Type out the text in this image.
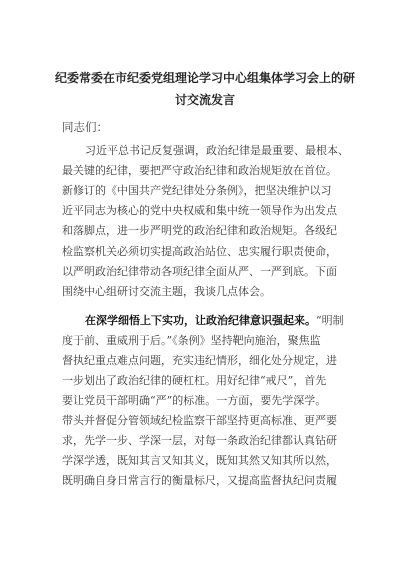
纪委常委在市纪委党组理论学习中心组集体学习会上的研
讨交流发言
同志们：
习近平总书记反复强调，政治纪律是最重要、最根本、
最关键的纪律，要把严守政治纪律和政治规矩放在首位。
新修订的《中国共产党纪律处分条例》，把坚决维护以习
近平同志为核心的党中央权威和集中统一领导作为出发点
和落脚点，进一步严明党的政治纪律和政治规矩。各级纪
检监察机关必须切实提高政治站位、忠实履行职责使命，
以严明政治纪律带动各项纪律全面从严、一严到底。下面
围绕中心组研讨交流主题，我谈几点体会。
在深学细悟上下实功，让政治纪律意识强起来。“明制
度于前、重威刑于后。”《条例》坚持靶向施治，聚焦监
督执纪重点难点问题，充实违纪情形，细化处分规定，进
一步划出了政治纪律的硬杠杠。用好纪律“戒尺”，首先
要让党员干部明确“严”的标准。一方面，要先学深学。
带头并督促分管领域纪检监察干部坚持更高标准、更严要
求，先学一步、学深一层，对每一条政治纪律都认真钻研
学深学透，既知其言又知其义，既知其然又知其所以然，
既明确自身日常言行的衡量标尺，又提高监督执纪问责履
